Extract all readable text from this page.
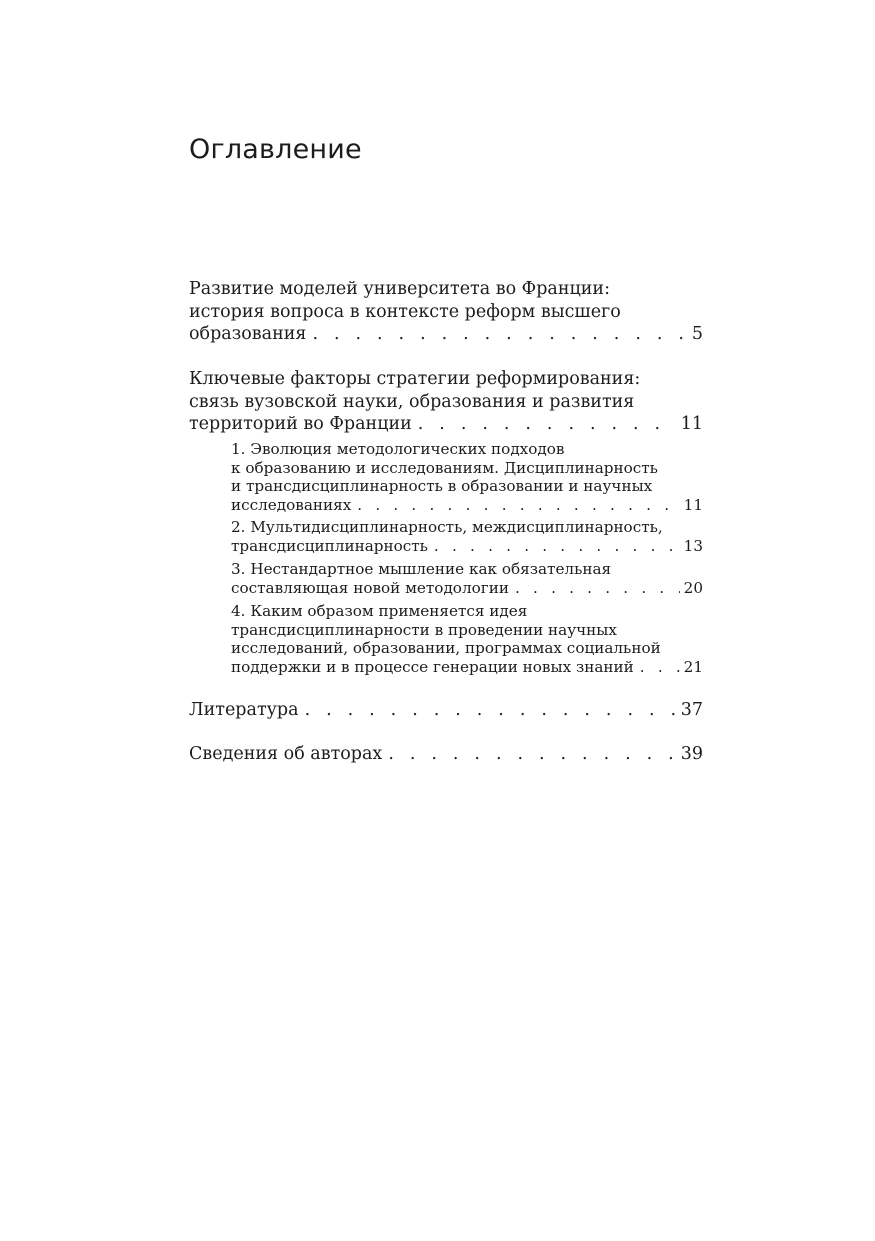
Оглавление
Развитие моделей университета во Франции:
история вопроса в контексте реформ высшего
образования . . .	5
Ключевые факторы стратегии реформирования:
связь вузовской науки, образования и развития
территорий во Франции . . .	11
1. Эволюция методологических подходов
к образованию и исследованиям. Дисциплинарность
и трансдисциплинарность в образовании и научных
исследованиях . . .	11
2. Мультидисциплинарность, междисциплинарность,
трансдисциплинарность . . .	13
3. Нестандартное мышление как обязательная
составляющая новой методологии . . .	20
4. Каким образом применяется идея
трансдисциплинарности в проведении научных
исследований, образовании, программах социальной
поддержки и в процессе генерации новых знаний . . .	21
Литература . . .	37
Сведения об авторах . . .	39
